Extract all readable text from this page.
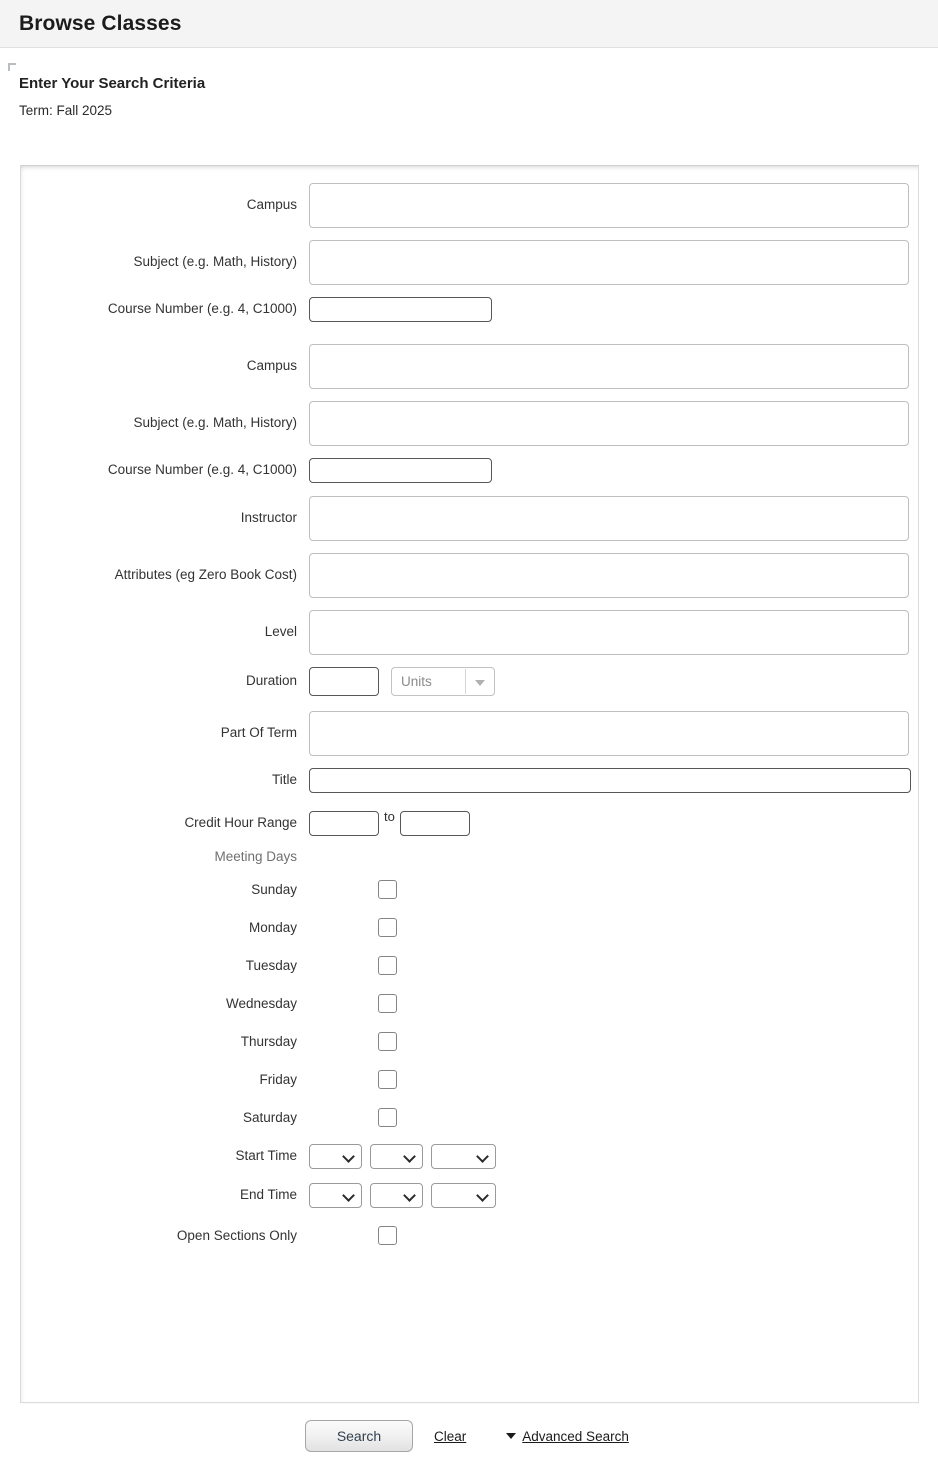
Browse Classes

Enter Your Search Criteria

Term: Fall 2025

Campus
Subject (e.g. Math, History)
Course Number (e.g. 4, C1000)
Campus
Subject (e.g. Math, History)
Course Number (e.g. 4, C1000)
Instructor
Attributes (eg Zero Book Cost)
Level
Duration	Units
Part Of Term
Title
Credit Hour Range	to
Meeting Days
Sunday
Monday
Tuesday
Wednesday
Thursday
Friday
Saturday
Start Time
End Time
Open Sections Only
Search	Clear	Advanced Search
